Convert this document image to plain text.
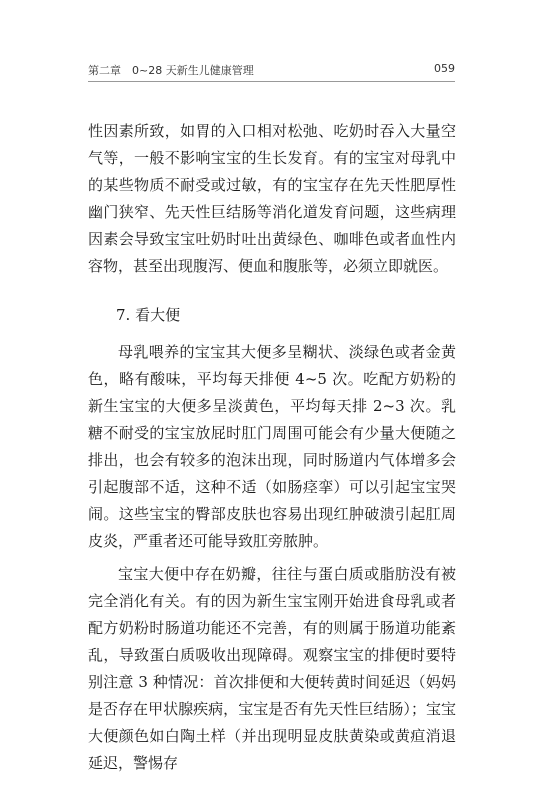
第二章　0~28 天新生儿健康管理	059

性因素所致，如胃的入口相对松弛、吃奶时吞入大量空气等，一般不影响宝宝的生长发育。有的宝宝对母乳中的某些物质不耐受或过敏，有的宝宝存在先天性肥厚性幽门狭窄、先天性巨结肠等消化道发育问题，这些病理因素会导致宝宝吐奶时吐出黄绿色、咖啡色或者血性内容物，甚至出现腹泻、便血和腹胀等，必须立即就医。

7. 看大便

母乳喂养的宝宝其大便多呈糊状、淡绿色或者金黄色，略有酸味，平均每天排便 4~5 次。吃配方奶粉的新生宝宝的大便多呈淡黄色，平均每天排 2~3 次。乳糖不耐受的宝宝放屁时肛门周围可能会有少量大便随之排出，也会有较多的泡沫出现，同时肠道内气体增多会引起腹部不适，这种不适（如肠痉挛）可以引起宝宝哭闹。这些宝宝的臀部皮肤也容易出现红肿破溃引起肛周皮炎，严重者还可能导致肛旁脓肿。

宝宝大便中存在奶瓣，往往与蛋白质或脂肪没有被完全消化有关。有的因为新生宝宝刚开始进食母乳或者配方奶粉时肠道功能还不完善，有的则属于肠道功能紊乱，导致蛋白质吸收出现障碍。观察宝宝的排便时要特别注意 3 种情况：首次排便和大便转黄时间延迟（妈妈是否存在甲状腺疾病，宝宝是否有先天性巨结肠）；宝宝大便颜色如白陶土样（并出现明显皮肤黄染或黄疸消退延迟，警惕存
